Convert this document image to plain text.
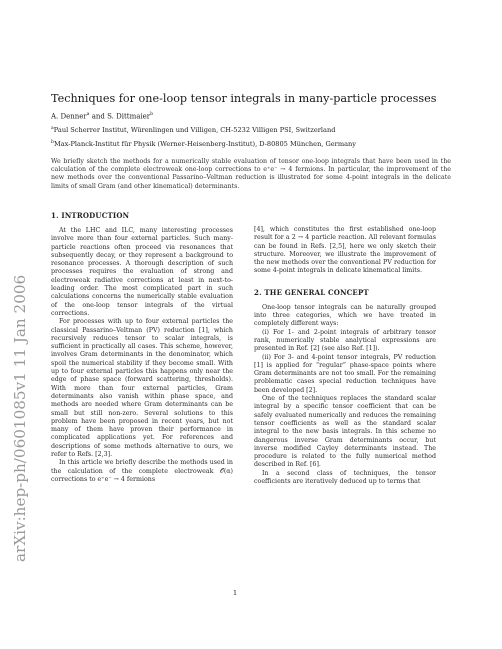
arXiv:hep-ph/0601085v1 11 Jan 2006
Techniques for one-loop tensor integrals in many-particle processes
A. Denner$^a$ and S. Dittmaier$^b$
$^a$Paul Scherrer Institut, Würenlingen und Villigen, CH-5232 Villigen PSI, Switzerland
$^b$Max-Planck-Institut für Physik (Werner-Heisenberg-Institut), D-80805 München, Germany
We briefly sketch the methods for a numerically stable evaluation of tensor one-loop integrals that have been used in the calculation of the complete electroweak one-loop corrections to e⁺e⁻ → 4 fermions. In particular, the improvement of the new methods over the conventional Passarino–Veltman reduction is illustrated for some 4-point integrals in the delicate limits of small Gram (and other kinematical) determinants.
1. INTRODUCTION

At the LHC and ILC, many interesting processes involve more than four external particles. Such many-particle reactions often proceed via resonances that subsequently decay, or they represent a background to resonance processes. A thorough description of such processes requires the evaluation of strong and electroweak radiative corrections at least in next-to-leading order. The most complicated part in such calculations concerns the numerically stable evaluation of the one-loop tensor integrals of the virtual corrections.

For processes with up to four external particles the classical Passarino–Veltman (PV) reduction [1], which recursively reduces tensor to scalar integrals, is sufficient in practically all cases. This scheme, however, involves Gram determinants in the denominator, which spoil the numerical stability if they become small. With up to four external particles this happens only near the edge of phase space (forward scattering, thresholds). With more than four external particles, Gram determinants also vanish within phase space, and methods are needed where Gram determinants can be small but still non-zero. Several solutions to this problem have been proposed in recent years, but not many of them have proven their performance in complicated applications yet. For references and descriptions of some methods alternative to ours, we refer to Refs. [2,3].

In this article we briefly describe the methods used in the calculation of the complete electroweak 𝒪(α) corrections to e⁺e⁻ → 4 fermions

[4], which constitutes the first established one-loop result for a 2 → 4 particle reaction. All relevant formulas can be found in Refs. [2,5], here we only sketch their structure. Moreover, we illustrate the improvement of the new methods over the conventional PV reduction for some 4-point integrals in delicate kinematical limits.

2. THE GENERAL CONCEPT

One-loop tensor integrals can be naturally grouped into three categories, which we have treated in completely different ways:

(i) For 1- and 2-point integrals of arbitrary tensor rank, numerically stable analytical expressions are presented in Ref. [2] (see also Ref. [1]).

(ii) For 3- and 4-point tensor integrals, PV reduction [1] is applied for “regular” phase-space points where Gram determinants are not too small. For the remaining problematic cases special reduction techniques have been developed [2].

One of the techniques replaces the standard scalar integral by a specific tensor coefficient that can be safely evaluated numerically and reduces the remaining tensor coefficients as well as the standard scalar integral to the new basis integrals. In this scheme no dangerous inverse Gram determinants occur, but inverse modified Cayley determinants instead. The procedure is related to the fully numerical method described in Ref. [6].

In a second class of techniques, the tensor coefficients are iteratively deduced up to terms that

1
